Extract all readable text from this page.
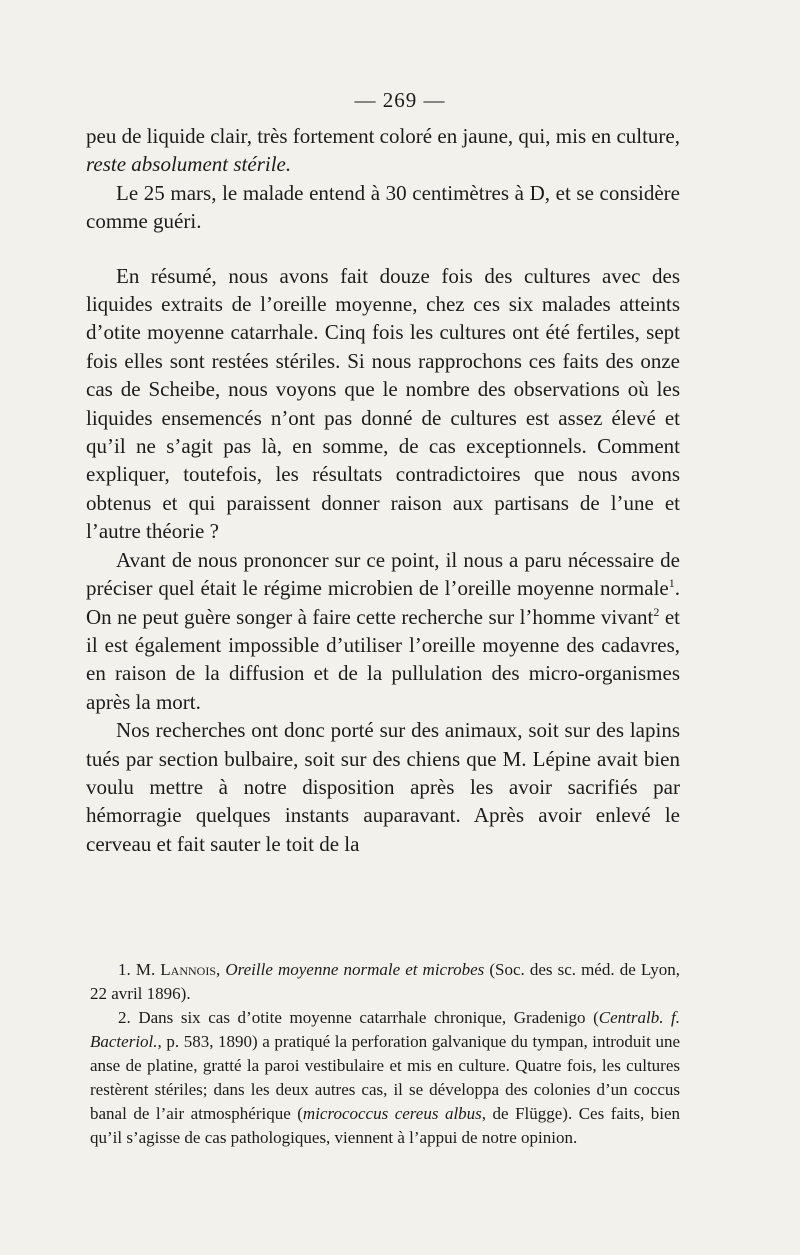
— 269 —

peu de liquide clair, très fortement coloré en jaune, qui, mis en culture, reste absolument stérile.

Le 25 mars, le malade entend à 30 centimètres à D, et se considère comme guéri.

En résumé, nous avons fait douze fois des cultures avec des liquides extraits de l’oreille moyenne, chez ces six malades atteints d’otite moyenne catarrhale. Cinq fois les cultures ont été fertiles, sept fois elles sont restées stériles. Si nous rapprochons ces faits des onze cas de Scheibe, nous voyons que le nombre des observations où les liquides ensemencés n’ont pas donné de cultures est assez élevé et qu’il ne s’agit pas là, en somme, de cas exceptionnels. Comment expliquer, toutefois, les résultats contradictoires que nous avons obtenus et qui paraissent donner raison aux partisans de l’une et l’autre théorie ?

Avant de nous prononcer sur ce point, il nous a paru nécessaire de préciser quel était le régime microbien de l’oreille moyenne normale$^1$. On ne peut guère songer à faire cette recherche sur l’homme vivant$^2$ et il est également impossible d’utiliser l’oreille moyenne des cadavres, en raison de la diffusion et de la pullulation des micro-organismes après la mort.

Nos recherches ont donc porté sur des animaux, soit sur des lapins tués par section bulbaire, soit sur des chiens que M. Lépine avait bien voulu mettre à notre disposition après les avoir sacrifiés par hémorragie quelques instants auparavant. Après avoir enlevé le cerveau et fait sauter le toit de la

1. M. Lannois, Oreille moyenne normale et microbes (Soc. des sc. méd. de Lyon, 22 avril 1896).

2. Dans six cas d’otite moyenne catarrhale chronique, Gradenigo (Centralb. f. Bacteriol., p. 583, 1890) a pratiqué la perforation galvanique du tympan, introduit une anse de platine, gratté la paroi vestibulaire et mis en culture. Quatre fois, les cultures restèrent stériles; dans les deux autres cas, il se développa des colonies d’un coccus banal de l’air atmosphérique (micrococcus cereus albus, de Flügge). Ces faits, bien qu’il s’agisse de cas pathologiques, viennent à l’appui de notre opinion.
